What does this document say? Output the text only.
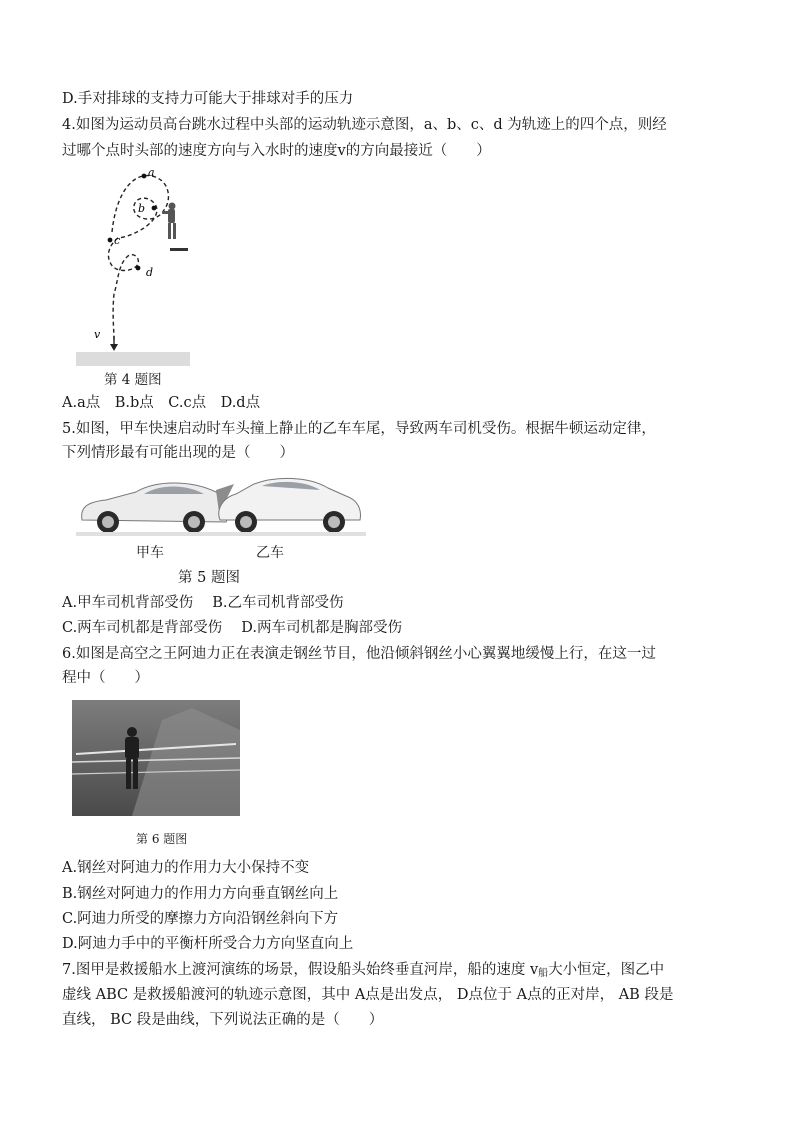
D.手对排球的支持力可能大于排球对手的压力
4.如图为运动员高台跳水过程中头部的运动轨迹示意图，a、b、c、d 为轨迹上的四个点，则经
过哪个点时头部的速度方向与入水时的速度v的方向最接近（　　）
a
b
c
d
v
第 4 题图
A.a点　B.b点　C.c点　D.d点
5.如图，甲车快速启动时车头撞上静止的乙车车尾，导致两车司机受伤。根据牛顿运动定律，
下列情形最有可能出现的是（　　）
甲车	乙车
第 5 题图
A.甲车司机背部受伤　 B.乙车司机背部受伤
C.两车司机都是背部受伤　 D.两车司机都是胸部受伤
6.如图是高空之王阿迪力正在表演走钢丝节目，他沿倾斜钢丝小心翼翼地缓慢上行，在这一过
程中（　　）
第 6 题图
A.钢丝对阿迪力的作用力大小保持不变
B.钢丝对阿迪力的作用力方向垂直钢丝向上
C.阿迪力所受的摩擦力方向沿钢丝斜向下方
D.阿迪力手中的平衡杆所受合力方向坚直向上
7.图甲是救援船水上渡河演练的场景，假设船头始终垂直河岸，船的速度 $v_船$大小恒定，图乙中
虚线 ABC 是救援船渡河的轨迹示意图，其中 A点是出发点， D点位于 A点的正对岸， AB 段是
直线， BC 段是曲线，下列说法正确的是（　　）
